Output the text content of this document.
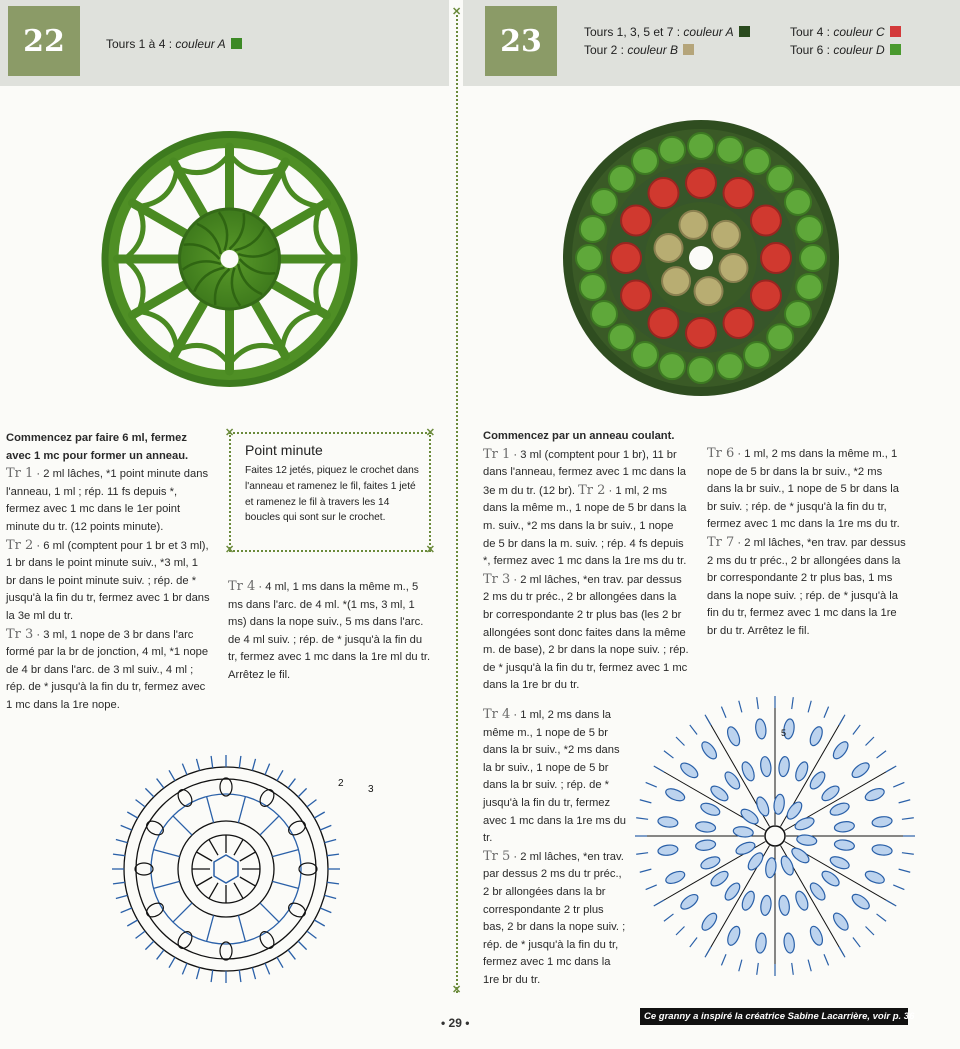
22	Tours 1 à 4 : couleur A	23	Tours 1, 3, 5 et 7 : couleur A
Tour 2 : couleur B
Tour 4 : couleur C
Tour 6 : couleur D
✕
✕

Commencez par faire 6 ml, fermez avec 1 mc pour former un anneau.

Tr 1 · 2 ml lâches, *1 point minute dans l'anneau, 1 ml ; rép. 11 fs depuis *, fermez avec 1 mc dans le 1er point minute du tr. (12 points minute).

Tr 2 · 6 ml (comptent pour 1 br et 3 ml), 1 br dans le point minute suiv., *3 ml, 1 br dans le point minute suiv. ; rép. de * jusqu'à la fin du tr, fermez avec 1 br dans la 3e ml du tr.

Tr 3 · 3 ml, 1 nope de 3 br dans l'arc formé par la br de jonction, 4 ml, *1 nope de 4 br dans l'arc. de 3 ml suiv., 4 ml ; rép. de * jusqu'à la fin du tr, fermez avec 1 mc dans la 1re nope.

✕	✕
✕	✕
Point minute

Faites 12 jetés, piquez le crochet dans l'anneau et ramenez le fil, faites 1 jeté et ramenez le fil à travers les 14 boucles qui sont sur le crochet.

Tr 4 · 4 ml, 1 ms dans la même m., 5 ms dans l'arc. de 4 ml. *(1 ms, 3 ml, 1 ms) dans la nope suiv., 5 ms dans l'arc. de 4 ml suiv. ; rép. de * jusqu'à la fin du tr, fermez avec 1 mc dans la 1re ml du tr. Arrêtez le fil.

Commencez par un anneau coulant.

Tr 1 · 3 ml (comptent pour 1 br), 11 br dans l'anneau, fermez avec 1 mc dans la 3e m du tr. (12 br). Tr 2 · 1 ml, 2 ms dans la même m., 1 nope de 5 br dans la m. suiv., *2 ms dans la br suiv., 1 nope de 5 br dans la m. suiv. ; rép. 4 fs depuis *, fermez avec 1 mc dans la 1re ms du tr.

Tr 3 · 2 ml lâches, *en trav. par dessus 2 ms du tr préc., 2 br allongées dans la br correspondante 2 tr plus bas (les 2 br allongées sont donc faites dans la même m. de base), 2 br dans la nope suiv. ; rép. de * jusqu'à la fin du tr, fermez avec 1 mc dans la 1re br du tr.

Tr 4 · 1 ml, 2 ms dans la même m., 1 nope de 5 br dans la br suiv., *2 ms dans la br suiv., 1 nope de 5 br dans la br suiv. ; rép. de * jusqu'à la fin du tr, fermez avec 1 mc dans la 1re ms du tr.

Tr 5 · 2 ml lâches, *en trav. par dessus 2 ms du tr préc., 2 br allongées dans la br correspondante 2 tr plus bas, 2 br dans la nope suiv. ; rép. de * jusqu'à la fin du tr, fermez avec 1 mc dans la 1re br du tr.

Tr 6 · 1 ml, 2 ms dans la même m., 1 nope de 5 br dans la br suiv., *2 ms dans la br suiv., 1 nope de 5 br dans la br suiv. ; rép. de * jusqu'à la fin du tr, fermez avec 1 mc dans la 1re ms du tr.

Tr 7 · 2 ml lâches, *en trav. par dessus 2 ms du tr préc., 2 br allongées dans la br correspondante 2 tr plus bas, 1 ms dans la nope suiv. ; rép. de * jusqu'à la fin du tr, fermez avec 1 mc dans la 1re br du tr. Arrêtez le fil.

2
3
5
Ce granny a inspiré la créatrice Sabine Lacarrière, voir p. 36
• 29 •
